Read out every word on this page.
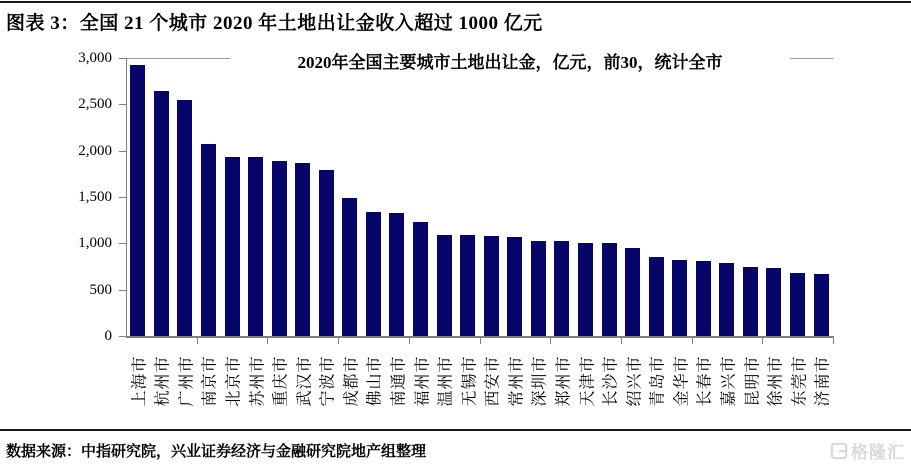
图表 3：全国 21 个城市 2020 年土地出让金收入超过 1000 亿元
2020年全国主要城市土地出让金，亿元，前30，统计全市
0
500
1,000
1,500
2,000
2,500
3,000
上海市 杭州市 广州市 南京市 北京市 苏州市 重庆市 武汉市 宁波市 成都市 佛山市 南通市 福州市 温州市 无锡市 西安市 常州市 深圳市 郑州市 天津市 长沙市 绍兴市 青岛市 金华市 长春市 嘉兴市 昆明市 徐州市 东莞市 济南市
数据来源：中指研究院，兴业证券经济与金融研究院地产组整理	格隆汇
